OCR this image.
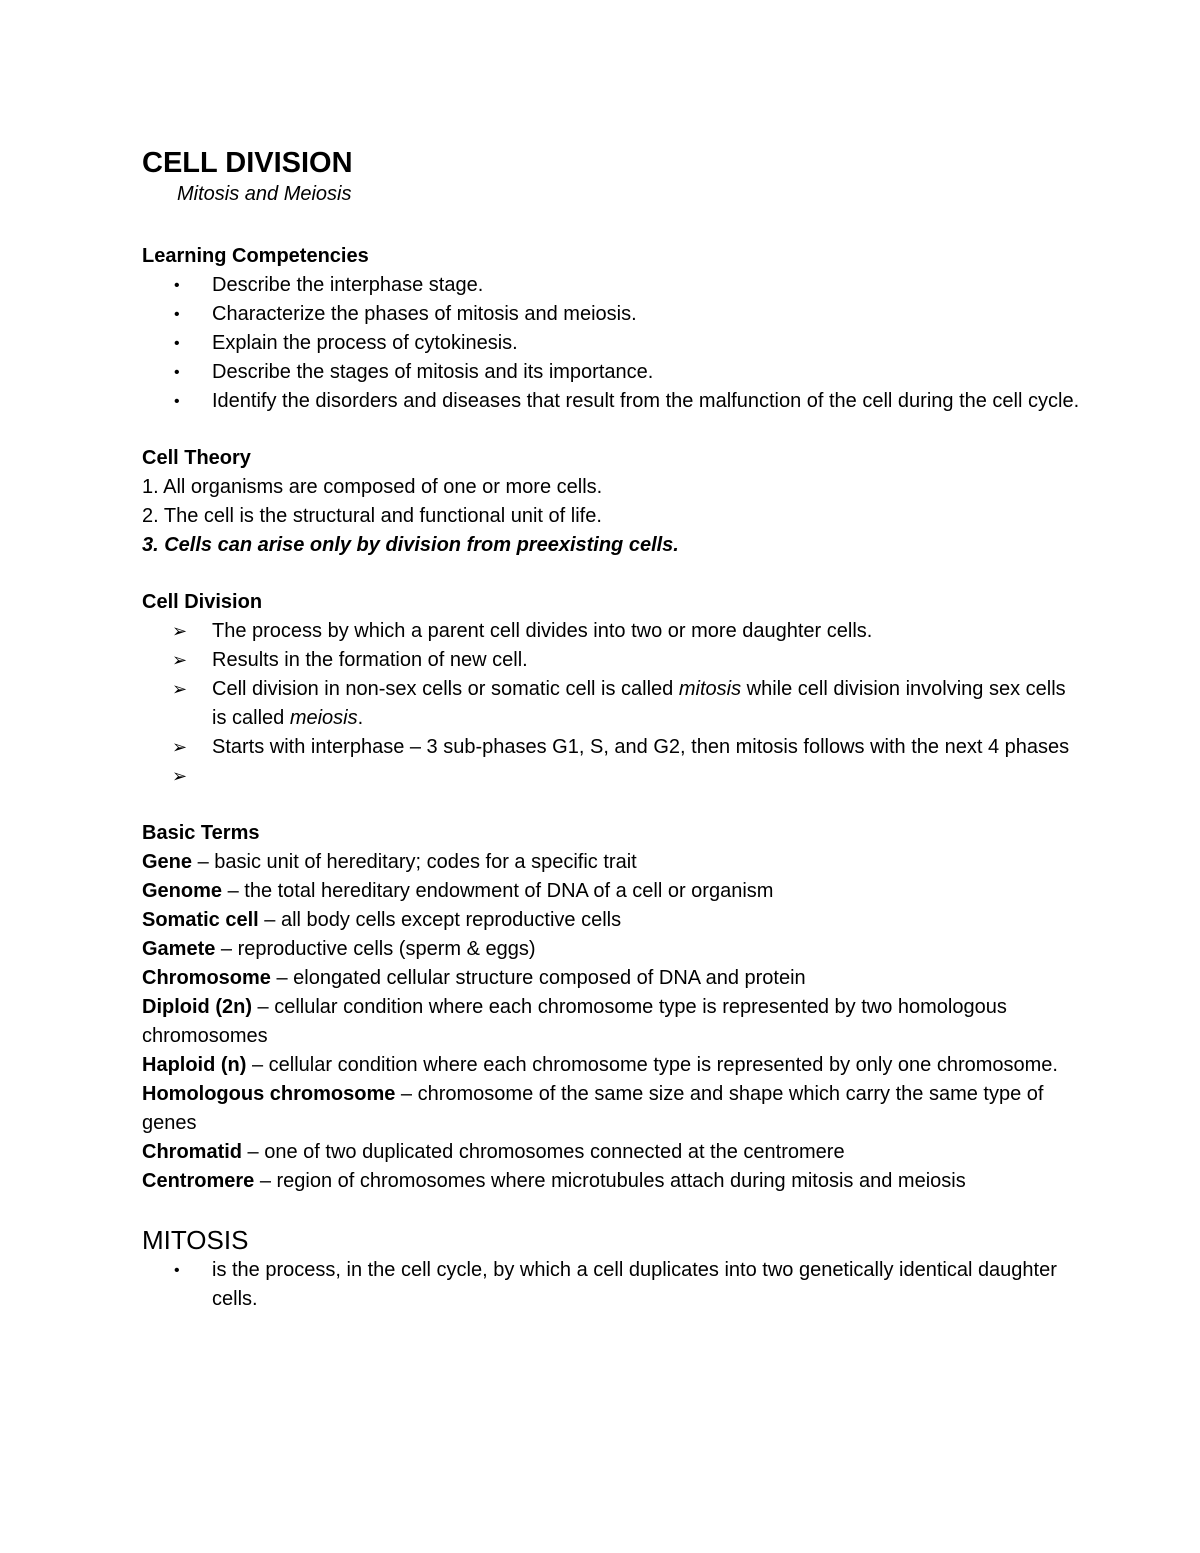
CELL DIVISION

Mitosis and Meiosis

Learning Competencies

•	Describe the interphase stage.
•	Characterize the phases of mitosis and meiosis.
•	Explain the process of cytokinesis.
•	Describe the stages of mitosis and its importance.
•	Identify the disorders and diseases that result from the malfunction of the cell during the cell cycle.

Cell Theory

1. All organisms are composed of one or more cells.

2. The cell is the structural and functional unit of life.

3. Cells can arise only by division from preexisting cells.

Cell Division

➢	The process by which a parent cell divides into two or more daughter cells.
➢	Results in the formation of new cell.
➢	Cell division in non-sex cells or somatic cell is called mitosis while cell division involving sex cells is called meiosis.
➢	Starts with interphase – 3 sub-phases G1, S, and G2, then mitosis follows with the next 4 phases
➢

Basic Terms

Gene – basic unit of hereditary; codes for a specific trait

Genome – the total hereditary endowment of DNA of a cell or organism

Somatic cell – all body cells except reproductive cells

Gamete – reproductive cells (sperm & eggs)

Chromosome – elongated cellular structure composed of DNA and protein

Diploid (2n) – cellular condition where each chromosome type is represented by two homologous chromosomes

Haploid (n) – cellular condition where each chromosome type is represented by only one chromosome.

Homologous chromosome – chromosome of the same size and shape which carry the same type of genes

Chromatid – one of two duplicated chromosomes connected at the centromere

Centromere – region of chromosomes where microtubules attach during mitosis and meiosis

MITOSIS

•	is the process, in the cell cycle, by which a cell duplicates into two genetically identical daughter cells.
